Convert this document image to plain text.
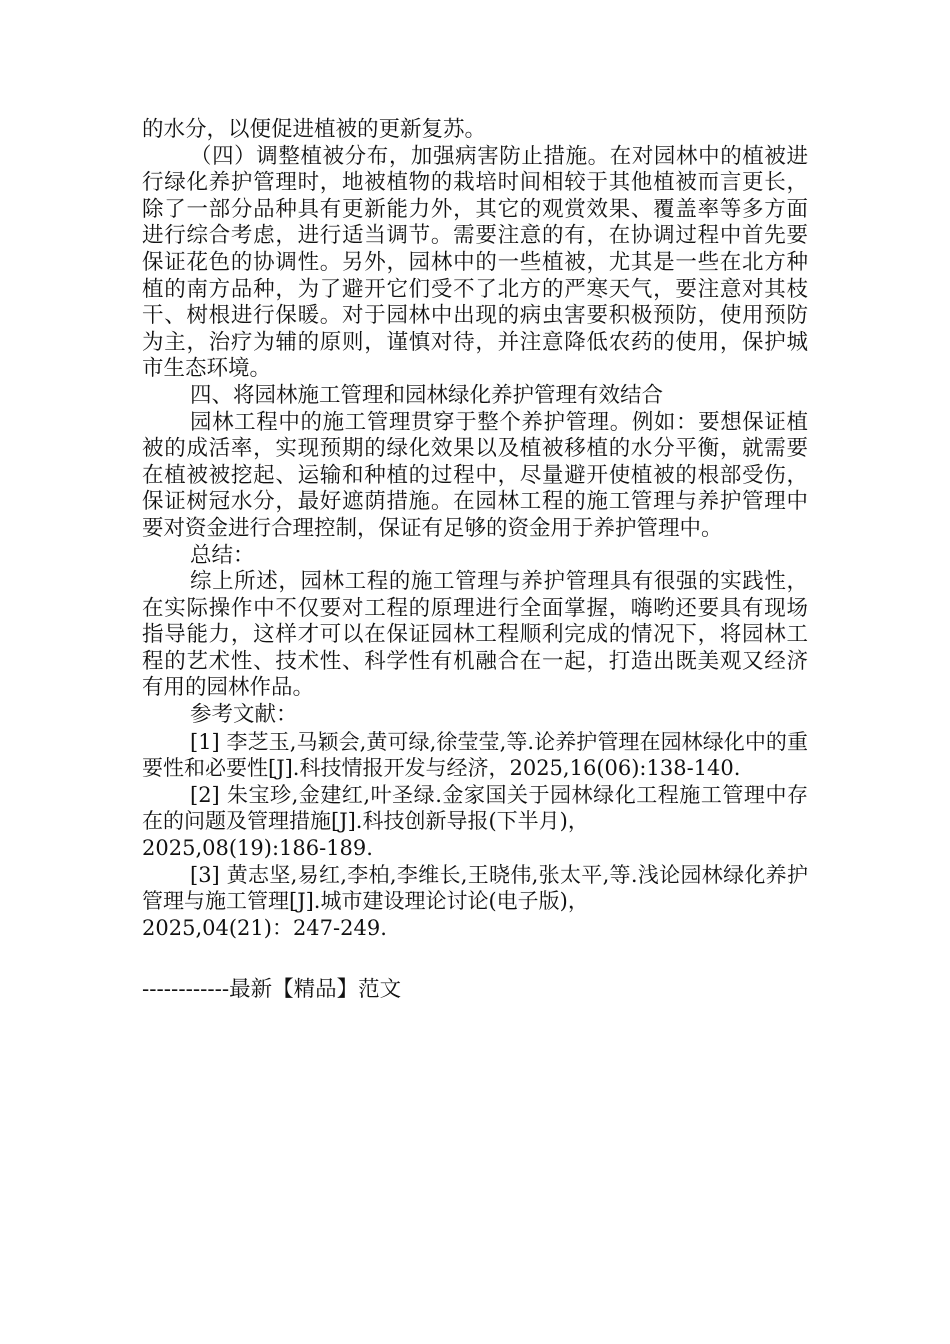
的水分，以便促进植被的更新复苏。

（四）调整植被分布，加强病害防止措施。在对园林中的植被进行绿化养护管理时，地被植物的栽培时间相较于其他植被而言更长，除了一部分品种具有更新能力外，其它的观赏效果、覆盖率等多方面进行综合考虑，进行适当调节。需要注意的有，在协调过程中首先要保证花色的协调性。另外，园林中的一些植被，尤其是一些在北方种植的南方品种，为了避开它们受不了北方的严寒天气，要注意对其枝干、树根进行保暖。对于园林中出现的病虫害要积极预防，使用预防为主，治疗为辅的原则，谨慎对待，并注意降低农药的使用，保护城市生态环境。

四、将园林施工管理和园林绿化养护管理有效结合

园林工程中的施工管理贯穿于整个养护管理。例如：要想保证植被的成活率，实现预期的绿化效果以及植被移植的水分平衡，就需要在植被被挖起、运输和种植的过程中，尽量避开使植被的根部受伤，保证树冠水分，最好遮荫措施。在园林工程的施工管理与养护管理中要对资金进行合理控制，保证有足够的资金用于养护管理中。

总结：

综上所述，园林工程的施工管理与养护管理具有很强的实践性，在实际操作中不仅要对工程的原理进行全面掌握，嗨哟还要具有现场指导能力，这样才可以在保证园林工程顺利完成的情况下，将园林工程的艺术性、技术性、科学性有机融合在一起，打造出既美观又经济有用的园林作品。

参考文献：

[1] 李芝玉,马颖会,黄可绿,徐莹莹,等.论养护管理在园林绿化中的重要性和必要性[J].科技情报开发与经济，2025,16(06):138-140.

[2] 朱宝珍,金建红,叶圣绿.金家国关于园林绿化工程施工管理中存在的问题及管理措施[J].科技创新导报(下半月)，
2025,08(19):186-189.

[3] 黄志坚,易红,李柏,李维长,王晓伟,张太平,等.浅论园林绿化养护管理与施工管理[J].城市建设理论讨论(电子版)，
2025,04(21)：247-249.

------------最新【精品】范文
